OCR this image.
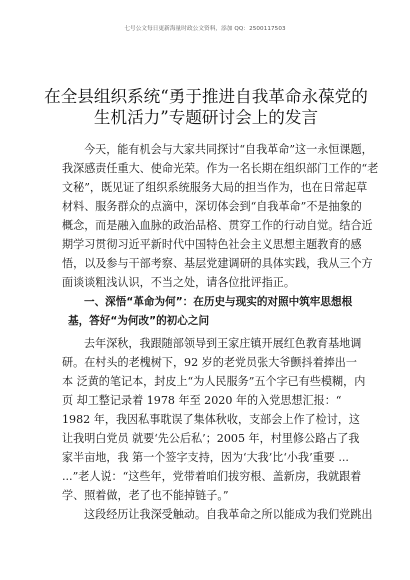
七号公文每日更新海量时政公文资料，添加 QQ：2500117503
在全县组织系统“勇于推进自我革命永葆党的
生机活力”专题研讨会上的发言
今天，能有机会与大家共同探讨“自我革命”这一永恒课题，
我深感责任重大、使命光荣。作为一名长期在组织部门工作的“老
文秘”，既见证了组织系统服务大局的担当作为，也在日常起草
材料、服务群众的点滴中，深切体会到“自我革命”不是抽象的
概念，而是融入血脉的政治品格、贯穿工作的行动自觉。结合近
期学习贯彻习近平新时代中国特色社会主义思想主题教育的感
悟，以及参与干部考察、基层党建调研的具体实践，我从三个方
面谈谈粗浅认识，不当之处，请各位批评指正。
一、深悟“革命为何”：在历史与现实的对照中筑牢思想根
基，答好“为何改”的初心之问
去年深秋，我跟随部领导到王家庄镇开展红色教育基地调
研。在村头的老槐树下，92 岁的老党员张大爷颤抖着捧出一
本 泛黄的笔记本，封皮上“为人民服务”五个字已有些模糊，内
页 却工整记录着 1978 年至 2020 年的入党思想汇报：“
1982 年，我因私事耽误了集体秋收，支部会上作了检讨，这
让我明白党员 就要‘先公后私’；2005 年，村里修公路占了我
家半亩地，我 第一个签字支持，因为‘大我’比‘小我’重要 ...
...”老人说：“这些年，党带着咱们拔穷根、盖新房，我就跟着
学、照着做，老了也不能掉链子。”
这段经历让我深受触动。自我革命之所以能成为我们党跳出
